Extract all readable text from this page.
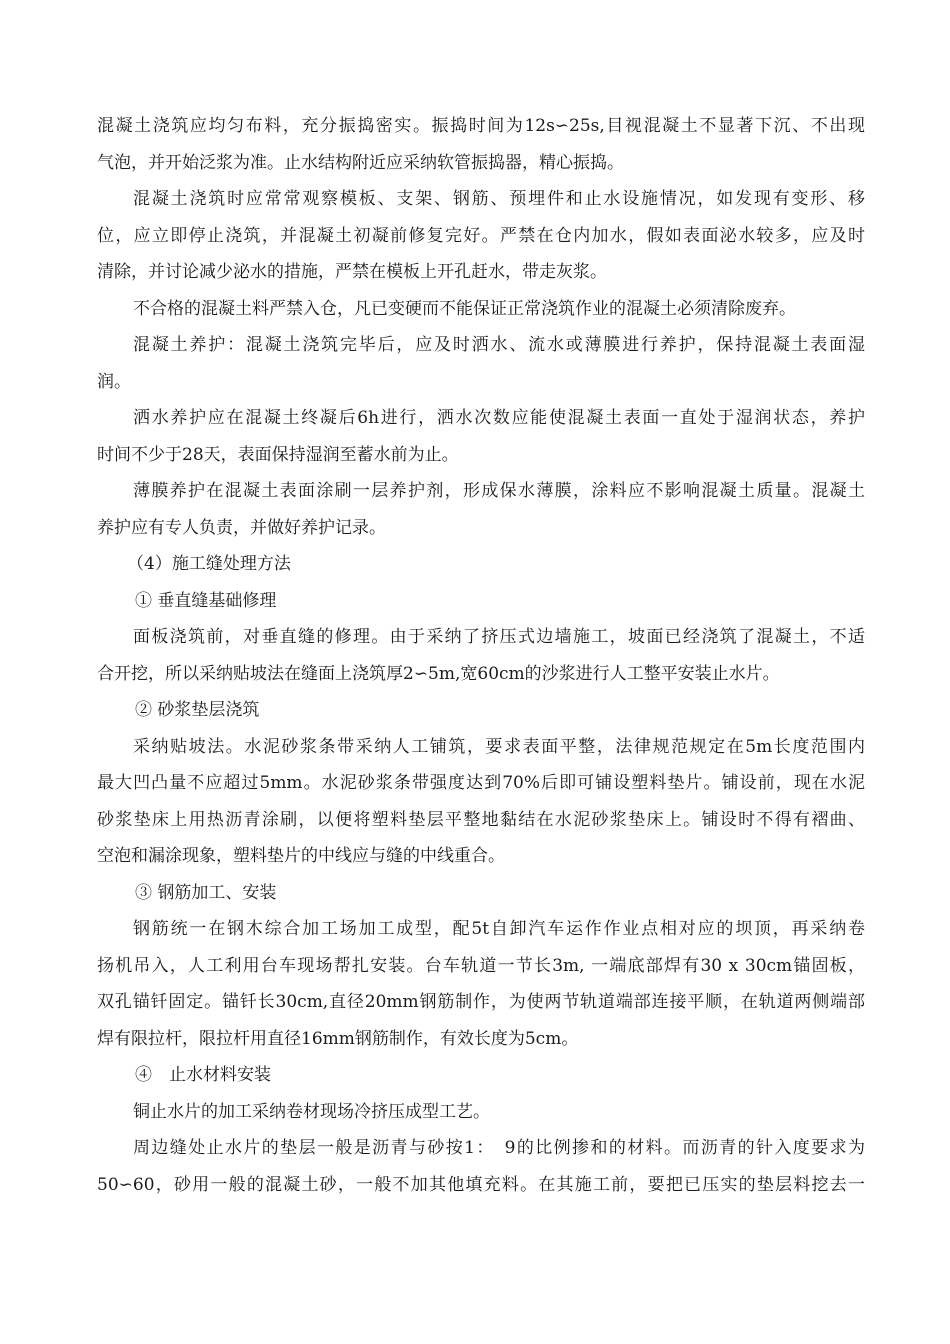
混凝土浇筑应均匀布料，充分振捣密实。振捣时间为12s∽25s,目视混凝土不显著下沉、不出现
气泡，并开始泛浆为准。止水结构附近应采纳软管振捣器，精心振捣。
混凝土浇筑时应常常观察模板、支架、钢筋、预埋件和止水设施情况，如发现有变形、移
位，应立即停止浇筑，并混凝土初凝前修复完好。严禁在仓内加水，假如表面泌水较多，应及时
清除，并讨论减少泌水的措施，严禁在模板上开孔赶水，带走灰浆。
不合格的混凝土料严禁入仓，凡已变硬而不能保证正常浇筑作业的混凝土必须清除废弃。
混凝土养护：混凝土浇筑完毕后，应及时洒水、流水或薄膜进行养护，保持混凝土表面湿
润。
洒水养护应在混凝土终凝后6h进行，洒水次数应能使混凝土表面一直处于湿润状态，养护
时间不少于28天，表面保持湿润至蓄水前为止。
薄膜养护在混凝土表面涂刷一层养护剂，形成保水薄膜，涂料应不影响混凝土质量。混凝土
养护应有专人负责，并做好养护记录。
（4）施工缝处理方法
① 垂直缝基础修理
面板浇筑前，对垂直缝的修理。由于采纳了挤压式边墙施工，坡面已经浇筑了混凝土，不适
合开挖，所以采纳贴坡法在缝面上浇筑厚2∽5m,宽60cm的沙浆进行人工整平安装止水片。
② 砂浆垫层浇筑
采纳贴坡法。水泥砂浆条带采纳人工铺筑，要求表面平整，法律规范规定在5m长度范围内
最大凹凸量不应超过5mm。水泥砂浆条带强度达到70%后即可铺设塑料垫片。铺设前，现在水泥
砂浆垫床上用热沥青涂刷，以便将塑料垫层平整地黏结在水泥砂浆垫床上。铺设时不得有褶曲、
空泡和漏涂现象，塑料垫片的中线应与缝的中线重合。
③ 钢筋加工、安装
钢筋统一在钢木综合加工场加工成型，配5t自卸汽车运作作业点相对应的坝顶，再采纳卷
扬机吊入，人工利用台车现场帮扎安装。台车轨道一节长3m, 一端底部焊有30 x 30cm锚固板，
双孔锚钎固定。锚钎长30cm,直径20mm钢筋制作，为使两节轨道端部连接平顺，在轨道两侧端部
焊有限拉杆，限拉杆用直径16mm钢筋制作，有效长度为5cm。
④　止水材料安装
铜止水片的加工采纳卷材现场冷挤压成型工艺。
周边缝处止水片的垫层一般是沥青与砂按1：　9的比例掺和的材料。而沥青的针入度要求为
50∽60，砂用一般的混凝土砂，一般不加其他填充料。在其施工前，要把已压实的垫层料挖去一
